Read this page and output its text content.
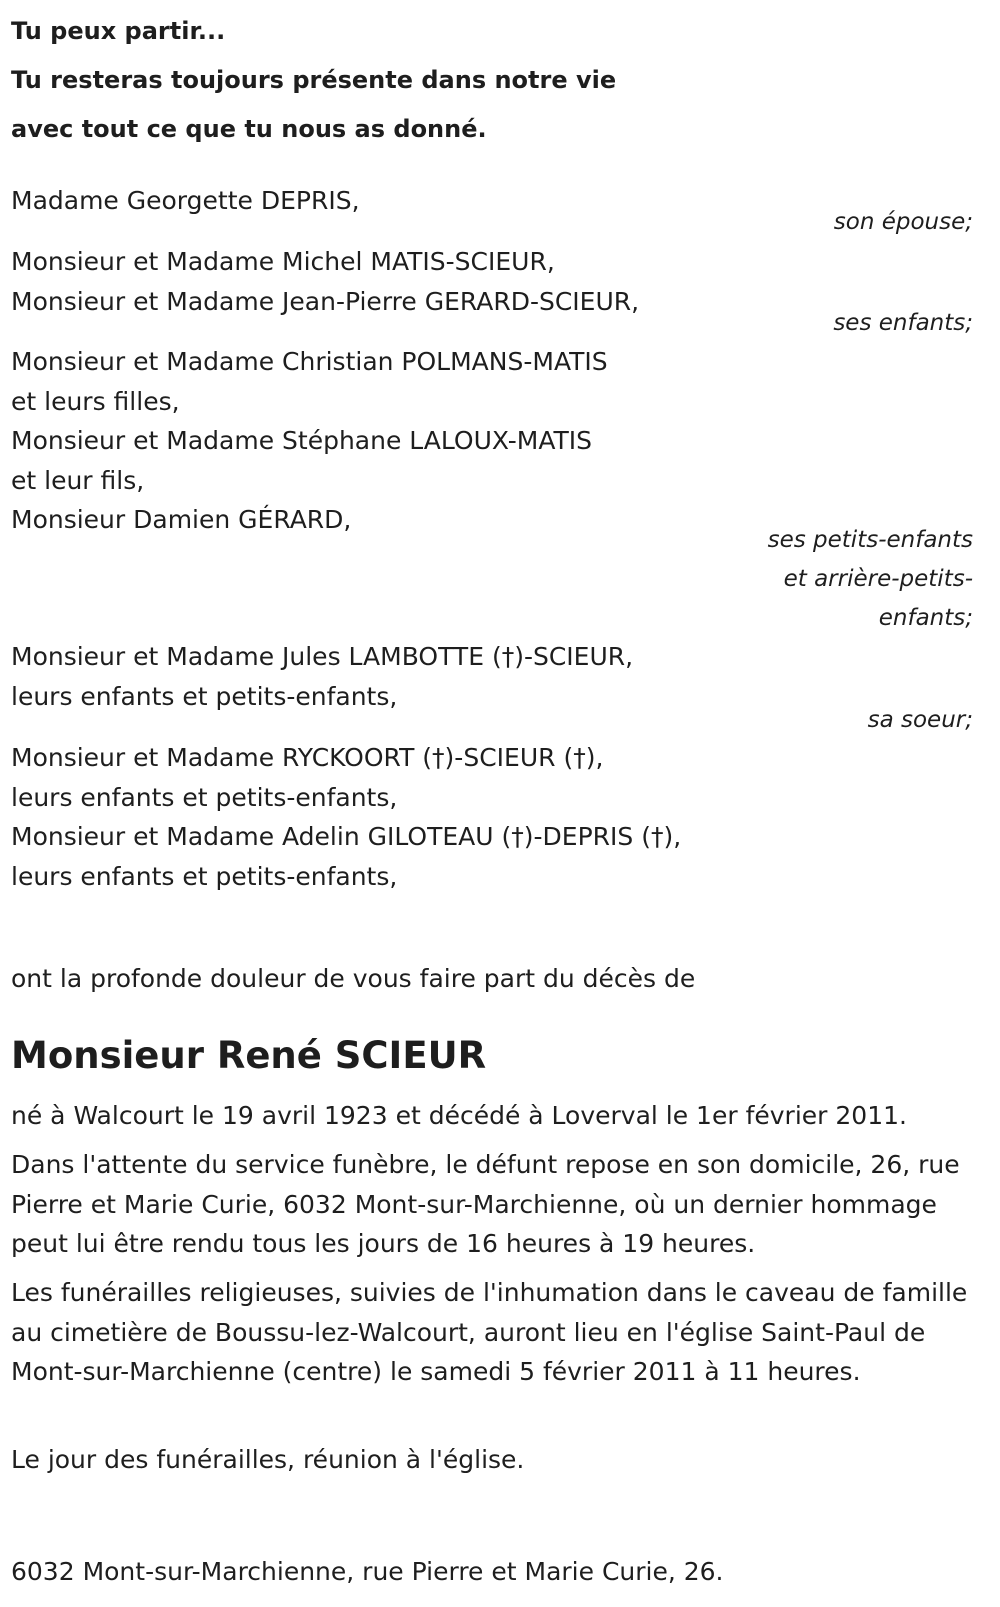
Tu peux partir...
Tu resteras toujours présente dans notre vie
avec tout ce que tu nous as donné.
Madame Georgette DEPRIS,
son épouse;
Monsieur et Madame Michel MATIS-SCIEUR,
Monsieur et Madame Jean-Pierre GERARD-SCIEUR,
ses enfants;
Monsieur et Madame Christian POLMANS-MATIS
et leurs filles,
Monsieur et Madame Stéphane LALOUX-MATIS
et leur fils,
Monsieur Damien GÉRARD,
ses petits-enfants
et arrière-petits-
enfants;
Monsieur et Madame Jules LAMBOTTE (†)-SCIEUR,
leurs enfants et petits-enfants,
sa soeur;
Monsieur et Madame RYCKOORT (†)-SCIEUR (†),
leurs enfants et petits-enfants,
Monsieur et Madame Adelin GILOTEAU (†)-DEPRIS (†),
leurs enfants et petits-enfants,
ont la profonde douleur de vous faire part du décès de
Monsieur René SCIEUR
né à Walcourt le 19 avril 1923 et décédé à Loverval le 1er février 2011.
Dans l'attente du service funèbre, le défunt repose en son domicile, 26, rue Pierre et Marie Curie, 6032 Mont-sur-Marchienne, où un dernier hommage peut lui être rendu tous les jours de 16 heures à 19 heures.
Les funérailles religieuses, suivies de l'inhumation dans le caveau de famille au cimetière de Boussu-lez-Walcourt, auront lieu en l'église Saint-Paul de Mont-sur-Marchienne (centre) le samedi 5 février 2011 à 11 heures.
Le jour des funérailles, réunion à l'église.
6032 Mont-sur-Marchienne, rue Pierre et Marie Curie, 26.
